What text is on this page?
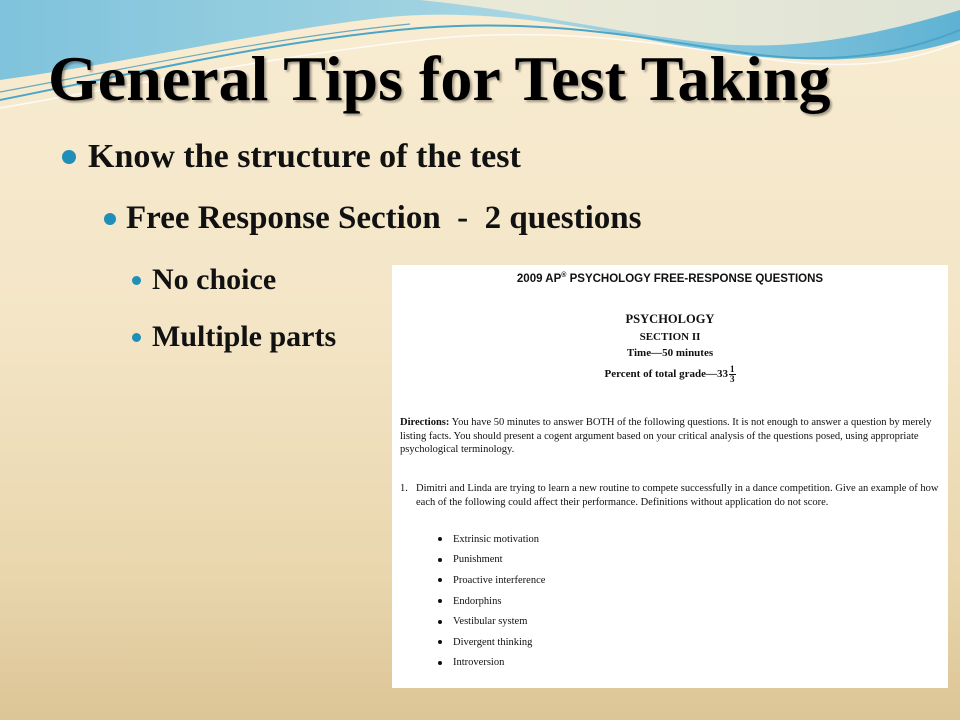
General Tips for Test Taking
Know the structure of the test
Free Response Section  -  2 questions
No choice
Multiple parts
2009 AP® PSYCHOLOGY FREE-RESPONSE QUESTIONS
PSYCHOLOGY
SECTION II
Time—50 minutes
Percent of total grade—33 $\frac{1}{3}$
Directions: You have 50 minutes to answer BOTH of the following questions. It is not enough to answer a question by merely listing facts. You should present a cogent argument based on your critical analysis of the questions posed, using appropriate psychological terminology.
1. Dimitri and Linda are trying to learn a new routine to compete successfully in a dance competition. Give an example of how each of the following could affect their performance. Definitions without application do not score.
Extrinsic motivation
Punishment
Proactive interference
Endorphins
Vestibular system
Divergent thinking
Introversion
